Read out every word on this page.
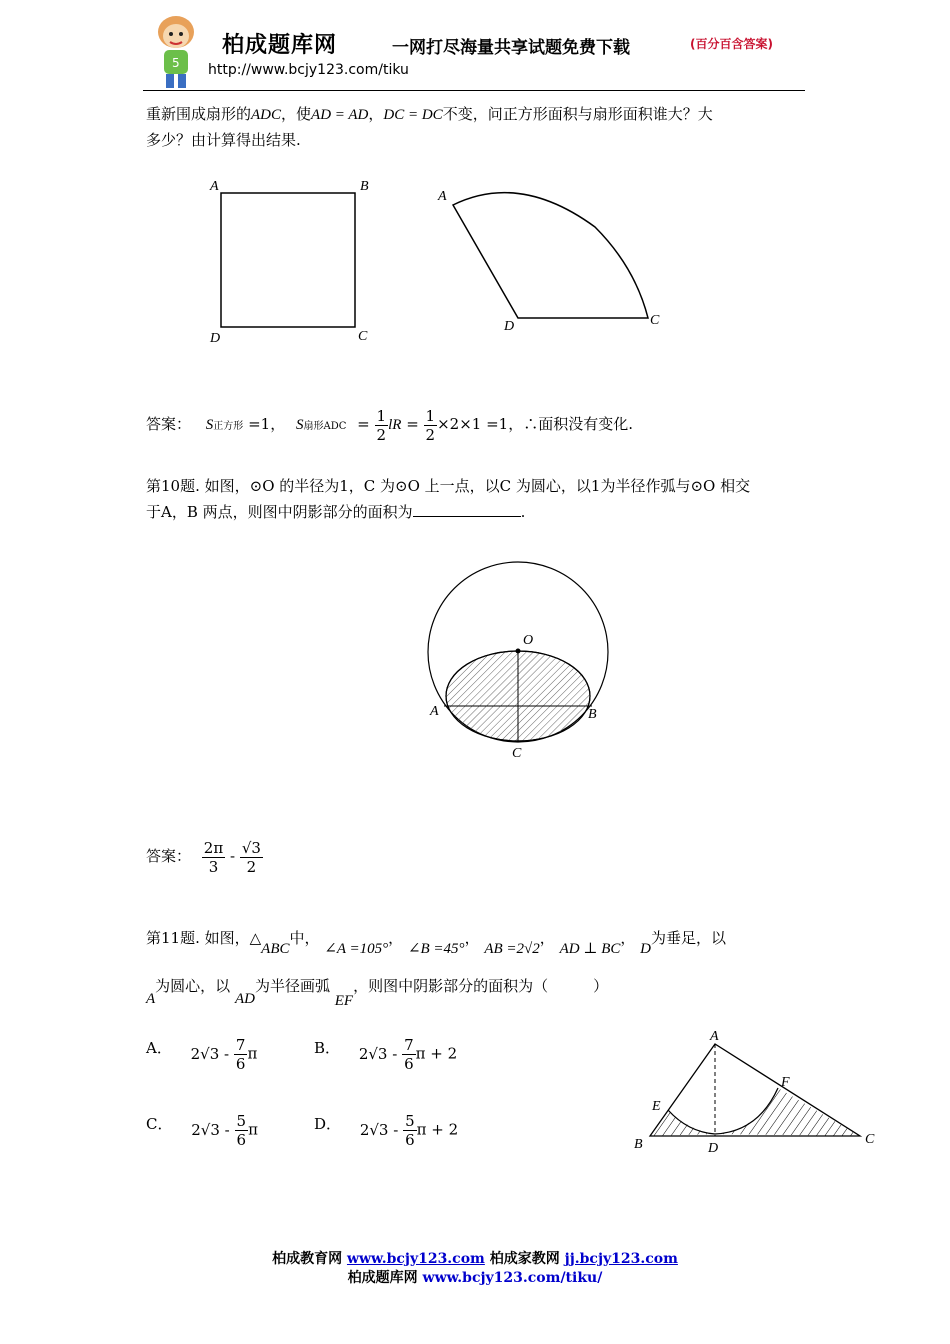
5
柏成题库网	一网打尽海量共享试题免费下载	(百分百含答案)
http://www.bcjy123.com/tiku
重新围成扇形的ADC，使AD = AD，DC = DC不变，问正方形面积与扇形面积谁大？大
多少？由计算得出结果.
A	B
C
D
A
D	C
答案： S正方形 =1， S扇形ADC = $\frac{1}{2}$ lR = $\frac{1}{2} \times 2\times 1 =1$，∴面积没有变化.
第10题. 如图，⊙O 的半径为1，C 为⊙O 上一点，以C 为圆心，以1为半径作弧与⊙O 相交
于A，B 两点，则图中阴影部分的面积为	.
O
A	B
C
答案： $\frac{2\pi}{3} - \frac{√3}{2}$
第11题. 如图，△ABC中， ∠A =105°， ∠B =45°， AB =2√2， AD ⊥ BC， D为垂足，以
A为圆心，以 AD为半径画弧 EF，则图中阴影部分的面积为（　　　）
A． $2√3 - \frac{7}{6}$ π	B． $2√3 - \frac{7}{6}$ π + 2
C． $2√3 - \frac{5}{6}$ π	D． $2√3 - \frac{5}{6}$ π + 2
A
B	C
D
E
F
柏成教育网 www.bcjy123.com 柏成家教网 jj.bcjy123.com
柏成题库网 www.bcjy123.com/tiku/
